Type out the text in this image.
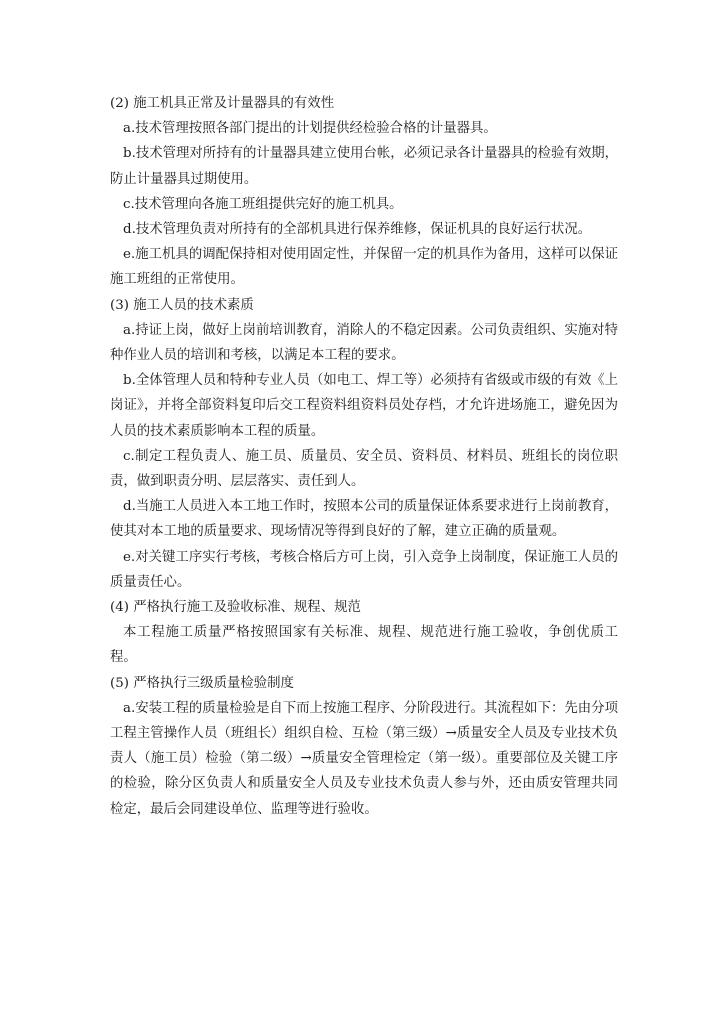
(2) 施工机具正常及计量器具的有效性

a.技术管理按照各部门提出的计划提供经检验合格的计量器具。

b.技术管理对所持有的计量器具建立使用台帐，必须记录各计量器具的检验有效期，防止计量器具过期使用。

c.技术管理向各施工班组提供完好的施工机具。

d.技术管理负责对所持有的全部机具进行保养维修，保证机具的良好运行状况。

e.施工机具的调配保持相对使用固定性，并保留一定的机具作为备用，这样可以保证施工班组的正常使用。

(3) 施工人员的技术素质

a.持证上岗，做好上岗前培训教育，消除人的不稳定因素。公司负责组织、实施对特种作业人员的培训和考核，以满足本工程的要求。

b.全体管理人员和特种专业人员（如电工、焊工等）必须持有省级或市级的有效《上岗证》，并将全部资料复印后交工程资料组资料员处存档，才允许进场施工，避免因为人员的技术素质影响本工程的质量。

c.制定工程负责人、施工员、质量员、安全员、资料员、材料员、班组长的岗位职责，做到职责分明、层层落实、责任到人。

d.当施工人员进入本工地工作时，按照本公司的质量保证体系要求进行上岗前教育，使其对本工地的质量要求、现场情况等得到良好的了解，建立正确的质量观。

e.对关键工序实行考核，考核合格后方可上岗，引入竞争上岗制度，保证施工人员的质量责任心。

(4) 严格执行施工及验收标准、规程、规范

本工程施工质量严格按照国家有关标准、规程、规范进行施工验收，争创优质工程。

(5) 严格执行三级质量检验制度

a.安装工程的质量检验是自下而上按施工程序、分阶段进行。其流程如下：先由分项工程主管操作人员（班组长）组织自检、互检（第三级）→质量安全人员及专业技术负责人（施工员）检验（第二级）→质量安全管理检定（第一级）。重要部位及关键工序的检验，除分区负责人和质量安全人员及专业技术负责人参与外，还由质安管理共同检定，最后会同建设单位、监理等进行验收。
